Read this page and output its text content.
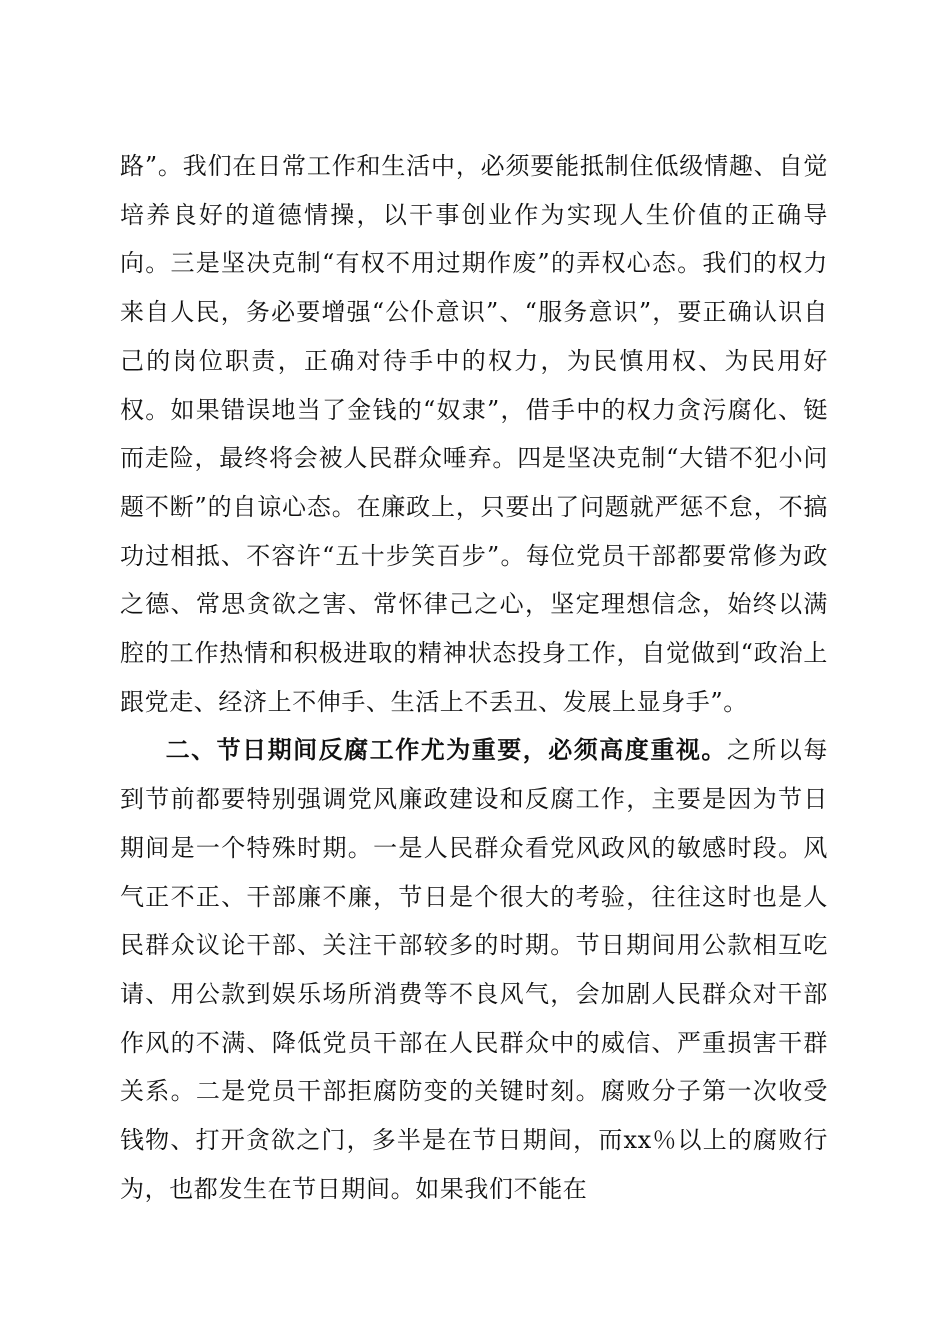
路”。我们在日常工作和生活中，必须要能抵制住低级情趣、自觉培养良好的道德情操，以干事创业作为实现人生价值的正确导向。三是坚决克制“有权不用过期作废”的弄权心态。我们的权力来自人民，务必要增强“公仆意识”、“服务意识”，要正确认识自己的岗位职责，正确对待手中的权力，为民慎用权、为民用好权。如果错误地当了金钱的“奴隶”，借手中的权力贪污腐化、铤而走险，最终将会被人民群众唾弃。四是坚决克制“大错不犯小问题不断”的自谅心态。在廉政上，只要出了问题就严惩不怠，不搞功过相抵、不容许“五十步笑百步”。每位党员干部都要常修为政之德、常思贪欲之害、常怀律己之心，坚定理想信念，始终以满腔的工作热情和积极进取的精神状态投身工作，自觉做到“政治上跟党走、经济上不伸手、生活上不丢丑、发展上显身手”。

二、节日期间反腐工作尤为重要，必须高度重视。之所以每到节前都要特别强调党风廉政建设和反腐工作，主要是因为节日期间是一个特殊时期。一是人民群众看党风政风的敏感时段。风气正不正、干部廉不廉，节日是个很大的考验，往往这时也是人民群众议论干部、关注干部较多的时期。节日期间用公款相互吃请、用公款到娱乐场所消费等不良风气，会加剧人民群众对干部作风的不满、降低党员干部在人民群众中的威信、严重损害干群关系。二是党员干部拒腐防变的关键时刻。腐败分子第一次收受钱物、打开贪欲之门，多半是在节日期间，而xx％以上的腐败行为，也都发生在节日期间。如果我们不能在
